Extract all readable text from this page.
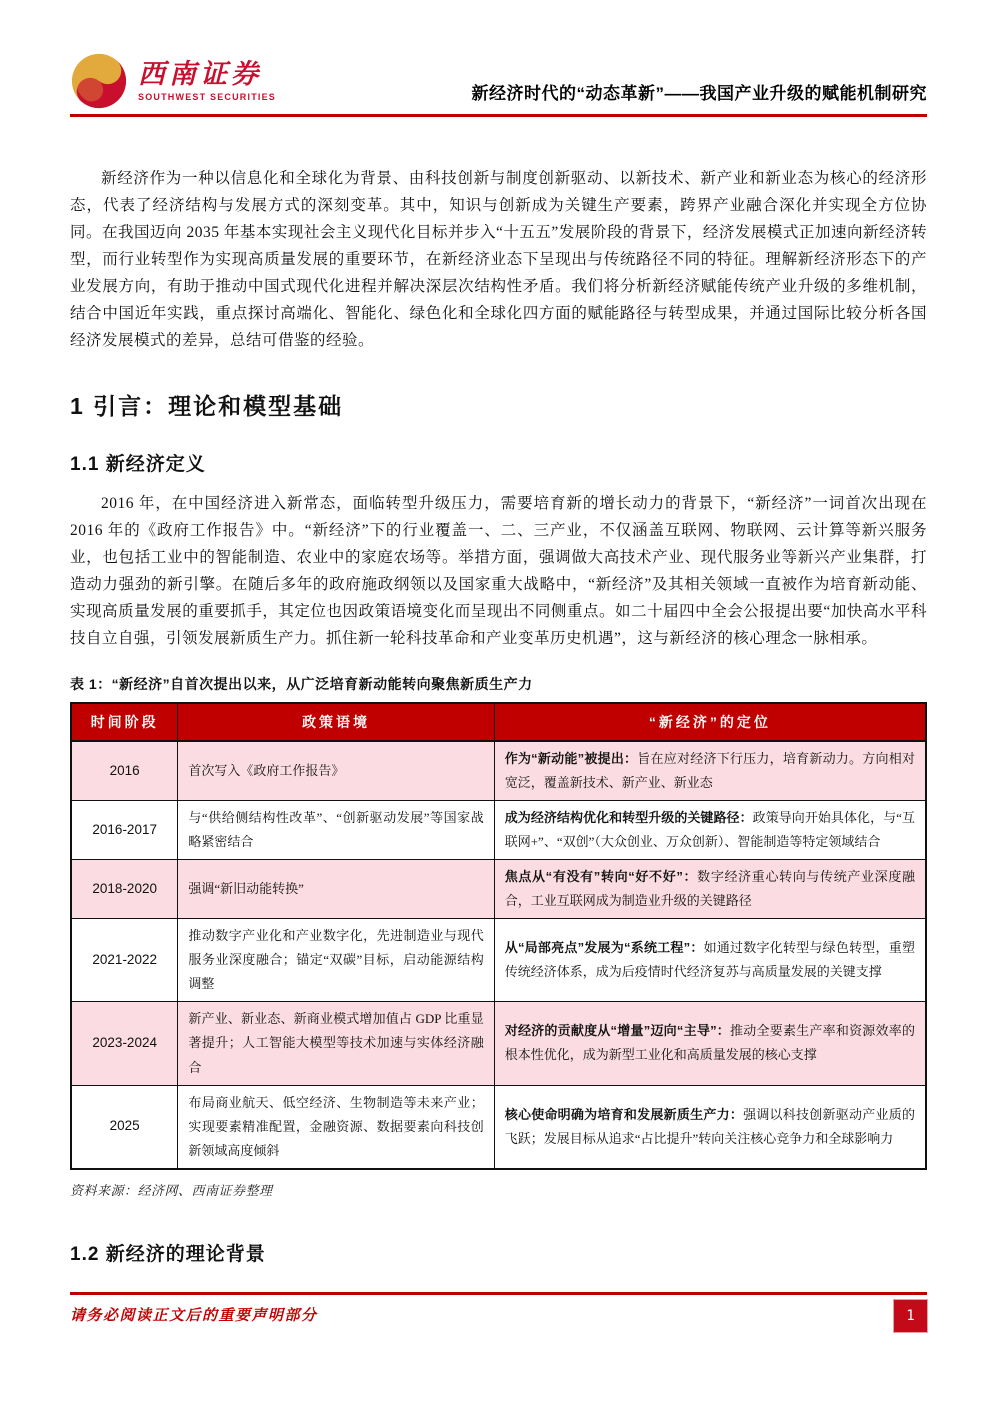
西南证券
SOUTHWEST SECURITIES	新经济时代的“动态革新”——我国产业升级的赋能机制研究

新经济作为一种以信息化和全球化为背景、由科技创新与制度创新驱动、以新技术、新产业和新业态为核心的经济形态，代表了经济结构与发展方式的深刻变革。其中，知识与创新成为关键生产要素，跨界产业融合深化并实现全方位协同。在我国迈向 2035 年基本实现社会主义现代化目标并步入“十五五”发展阶段的背景下，经济发展模式正加速向新经济转型，而行业转型作为实现高质量发展的重要环节，在新经济业态下呈现出与传统路径不同的特征。理解新经济形态下的产业发展方向，有助于推动中国式现代化进程并解决深层次结构性矛盾。我们将分析新经济赋能传统产业升级的多维机制，结合中国近年实践，重点探讨高端化、智能化、绿色化和全球化四方面的赋能路径与转型成果，并通过国际比较分析各国经济发展模式的差异，总结可借鉴的经验。

1 引言：理论和模型基础
1.1 新经济定义

2016 年，在中国经济进入新常态，面临转型升级压力，需要培育新的增长动力的背景下，“新经济”一词首次出现在 2016 年的《政府工作报告》中。“新经济”下的行业覆盖一、二、三产业，不仅涵盖互联网、物联网、云计算等新兴服务业，也包括工业中的智能制造、农业中的家庭农场等。举措方面，强调做大高技术产业、现代服务业等新兴产业集群，打造动力强劲的新引擎。在随后多年的政府施政纲领以及国家重大战略中，“新经济”及其相关领域一直被作为培育新动能、实现高质量发展的重要抓手，其定位也因政策语境变化而呈现出不同侧重点。如二十届四中全会公报提出要“加快高水平科技自立自强，引领发展新质生产力。抓住新一轮科技革命和产业变革历史机遇”，这与新经济的核心理念一脉相承。

表 1：“新经济”自首次提出以来，从广泛培育新动能转向聚焦新质生产力
时间阶段	政策语境	“新经济”的定位
2016	首次写入《政府工作报告》	作为“新动能”被提出：旨在应对经济下行压力，培育新动力。方向相对宽泛，覆盖新技术、新产业、新业态
2016-2017	与“供给侧结构性改革”、“创新驱动发展”等国家战略紧密结合	成为经济结构优化和转型升级的关键路径：政策导向开始具体化，与“互联网+”、“双创”（大众创业、万众创新）、智能制造等特定领域结合
2018-2020	强调“新旧动能转换”	焦点从“有没有”转向“好不好”：数字经济重心转向与传统产业深度融合，工业互联网成为制造业升级的关键路径
2021-2022	推动数字产业化和产业数字化，先进制造业与现代服务业深度融合；锚定“双碳”目标，启动能源结构调整	从“局部亮点”发展为“系统工程”：如通过数字化转型与绿色转型，重塑传统经济体系，成为后疫情时代经济复苏与高质量发展的关键支撑
2023-2024	新产业、新业态、新商业模式增加值占 GDP 比重显著提升；人工智能大模型等技术加速与实体经济融合	对经济的贡献度从“增量”迈向“主导”：推动全要素生产率和资源效率的根本性优化，成为新型工业化和高质量发展的核心支撑
2025	布局商业航天、低空经济、生物制造等未来产业；实现要素精准配置，金融资源、数据要素向科技创新领域高度倾斜	核心使命明确为培育和发展新质生产力：强调以科技创新驱动产业质的飞跃；发展目标从追求“占比提升”转向关注核心竞争力和全球影响力
资料来源：经济网、西南证券整理
1.2 新经济的理论背景
请务必阅读正文后的重要声明部分	1
